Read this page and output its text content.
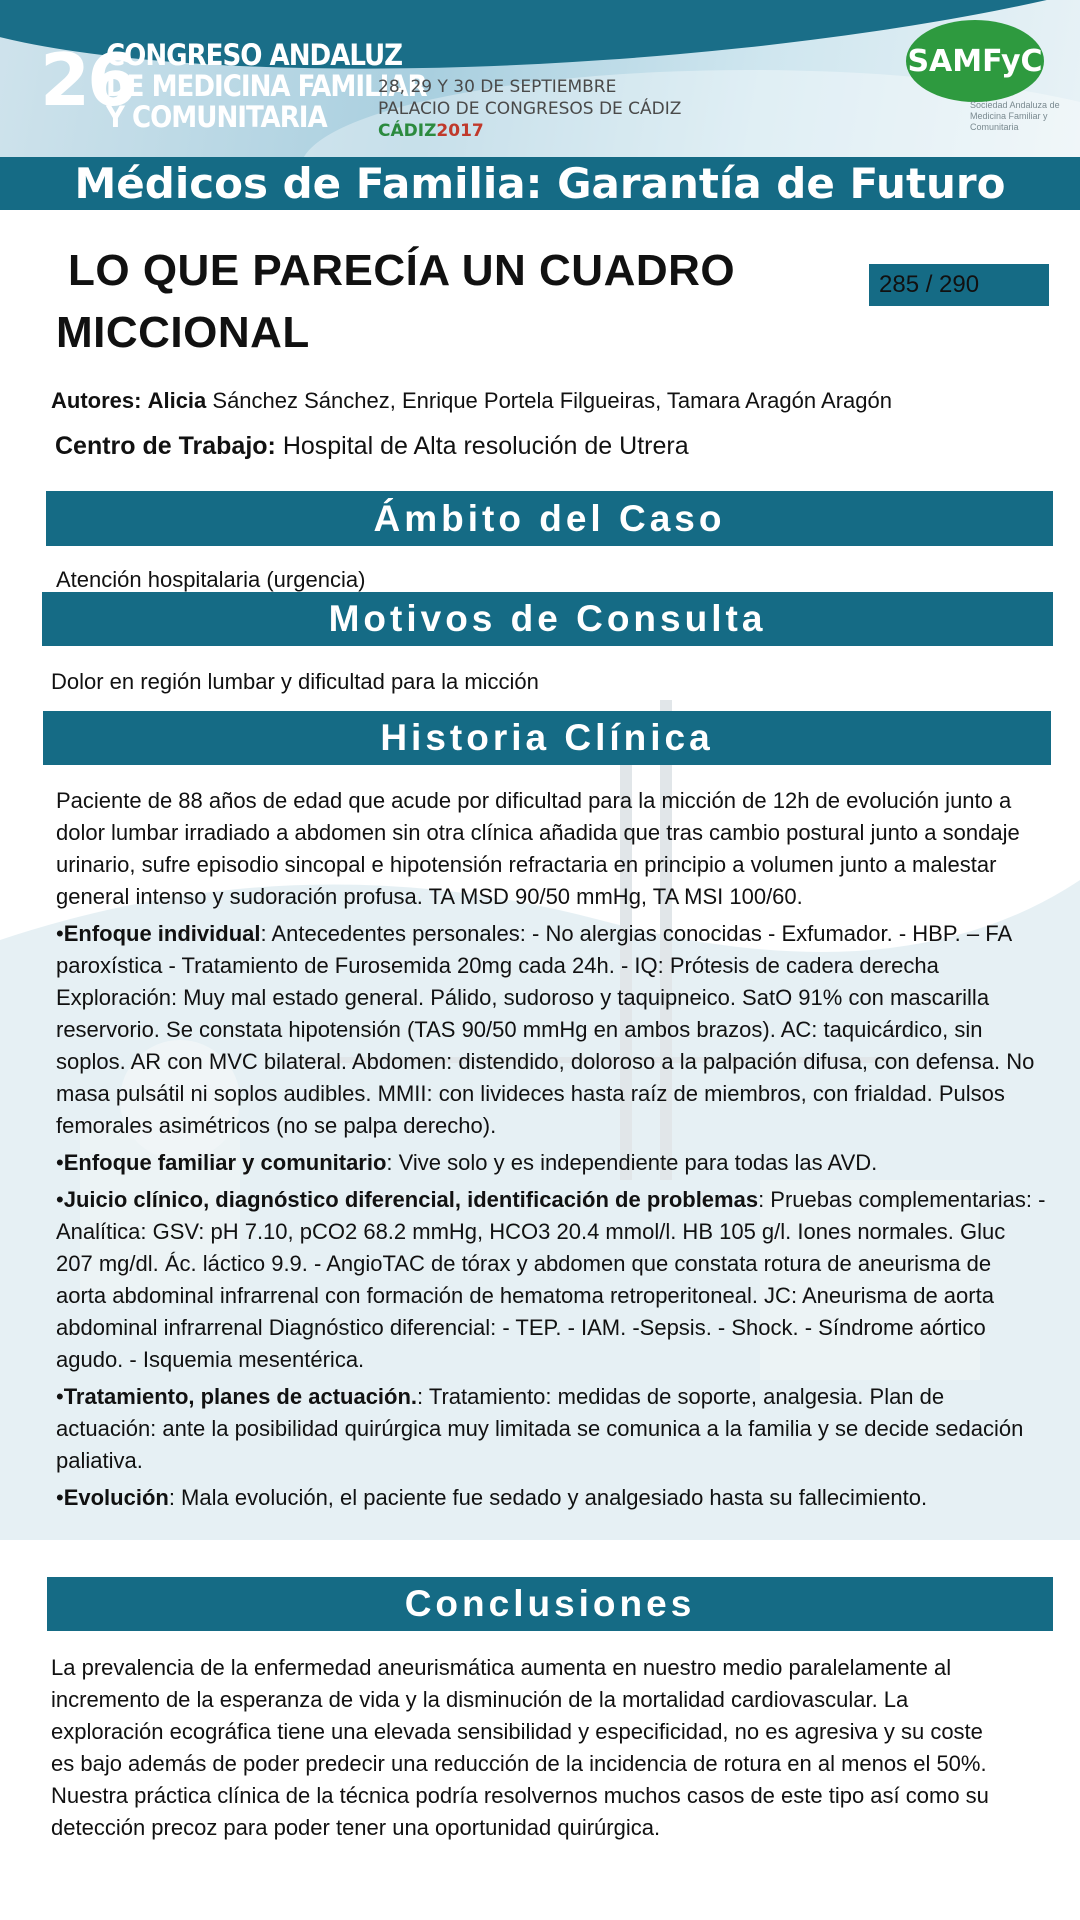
26
CONGRESO ANDALUZ
DE MEDICINA FAMILIAR
Y COMUNITARIA
28, 29 Y 30 DE SEPTIEMBRE
PALACIO DE CONGRESOS DE CÁDIZ
CÁDIZ2017
SAMFyC
Sociedad Andaluza de Medicina Familiar y Comunitaria
Médicos de Familia: Garantía de Futuro
LO QUE PARECÍA UN CUADRO
MICCIONAL
285 / 290
Autores: Alicia Sánchez Sánchez, Enrique Portela Filgueiras, Tamara Aragón Aragón
Centro de Trabajo: Hospital de Alta resolución de Utrera
Ámbito del Caso
Atención hospitalaria (urgencia)
Motivos de Consulta
Dolor en región lumbar y dificultad para la micción
Historia Clínica

Paciente de 88 años de edad que acude por dificultad para la micción de 12h de evolución junto a dolor lumbar irradiado a abdomen sin otra clínica añadida que tras cambio postural junto a sondaje urinario, sufre episodio sincopal e hipotensión refractaria en principio a volumen junto a malestar general intenso y sudoración profusa. TA MSD 90/50 mmHg, TA MSI 100/60.

•Enfoque individual: Antecedentes personales: - No alergias conocidas - Exfumador. - HBP. – FA paroxística - Tratamiento de Furosemida 20mg cada 24h. - IQ: Prótesis de cadera derecha Exploración: Muy mal estado general. Pálido, sudoroso y taquipneico. SatO 91% con mascarilla reservorio. Se constata hipotensión (TAS 90/50 mmHg en ambos brazos). AC: taquicárdico, sin soplos. AR con MVC bilateral. Abdomen: distendido, doloroso a la palpación difusa, con defensa. No masa pulsátil ni soplos audibles. MMII: con livideces hasta raíz de miembros, con frialdad. Pulsos femorales asimétricos (no se palpa derecho).

•Enfoque familiar y comunitario: Vive solo y es independiente para todas las AVD.

•Juicio clínico, diagnóstico diferencial, identificación de problemas: Pruebas complementarias: - Analítica: GSV: pH 7.10, pCO2 68.2 mmHg, HCO3 20.4 mmol/l. HB 105 g/l. Iones normales. Gluc 207 mg/dl. Ác. láctico 9.9. - AngioTAC de tórax y abdomen que constata rotura de aneurisma de aorta abdominal infrarrenal con formación de hematoma retroperitoneal. JC: Aneurisma de aorta abdominal infrarrenal Diagnóstico diferencial: - TEP. - IAM. -Sepsis. - Shock. - Síndrome aórtico agudo. - Isquemia mesentérica.

•Tratamiento, planes de actuación.: Tratamiento: medidas de soporte, analgesia. Plan de actuación: ante la posibilidad quirúrgica muy limitada se comunica a la familia y se decide sedación paliativa.

•Evolución: Mala evolución, el paciente fue sedado y analgesiado hasta su fallecimiento.

Conclusiones
La prevalencia de la enfermedad aneurismática aumenta en nuestro medio paralelamente al incremento de la esperanza de vida y la disminución de la mortalidad cardiovascular. La exploración ecográfica tiene una elevada sensibilidad y especificidad, no es agresiva y su coste es bajo además de poder predecir una reducción de la incidencia de rotura en al menos el 50%. Nuestra práctica clínica de la técnica podría resolvernos muchos casos de este tipo así como su detección precoz para poder tener una oportunidad quirúrgica.
